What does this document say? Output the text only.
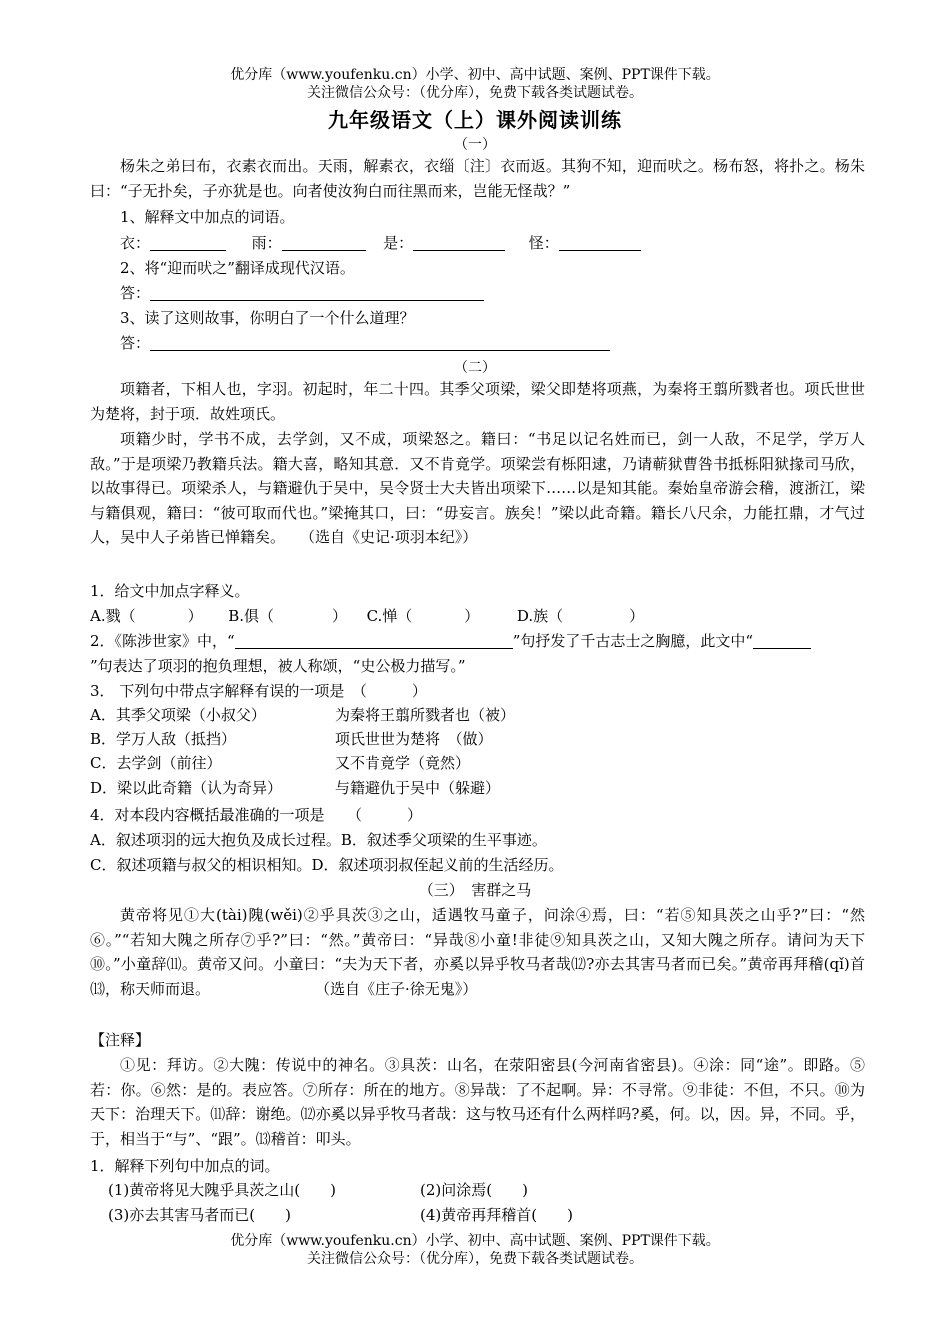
优分库（www.youfenku.cn）小学、初中、高中试题、案例、PPT课件下载。
关注微信公众号：（优分库），免费下载各类试题试卷。
九年级语文（上）课外阅读训练
（一）
杨朱之弟曰布，衣素衣而出。天雨，解素衣，衣缁〔注〕衣而返。其狗不知，迎而吠之。杨布怒，将扑之。杨朱曰：“子无扑矣，子亦犹是也。向者使汝狗白而往黑而来，岂能无怪哉？”
1、解释文中加点的词语。
衣：	雨：	是：	怪：
2、将“迎而吠之”翻译成现代汉语。
答：
3、读了这则故事，你明白了一个什么道理？
答：
（二）
项籍者，下相人也，字羽。初起时，年二十四。其季父项梁，梁父即楚将项燕，为秦将王翦所戮者也。项氏世世为楚将，封于项．故姓项氏。
项籍少时，学书不成，去学剑，又不成，项梁怒之。籍曰：“书足以记名姓而已，剑一人敌，不足学，学万人敌。”于是项梁乃教籍兵法。籍大喜，略知其意．又不肯竟学。项梁尝有栎阳逮，乃请蕲狱曹咎书抵栎阳狱掾司马欣，以故事得已。项梁杀人，与籍避仇于吴中，吴令贤士大夫皆出项梁下……以是知其能。秦始皇帝游会稽，渡浙江，梁与籍俱观，籍曰：“彼可取而代也。”梁掩其口，曰：“毋妄言。族矣！”梁以此奇籍。籍长八尺余，力能扛鼎，才气过人，吴中人子弟皆已惮籍矣。　　（选自《史记·项羽本纪》）
1．给文中加点字释义。
A.戮（	） B.俱（	） C.惮（	）	D.族（	）
2．《陈涉世家》中，“	”句抒发了千古志士之胸臆，此文中“
”句表达了项羽的抱负理想，被人称颂，“史公极力描写。”
3． 下列句中带点字解释有误的一项是　（　　　）
A．其季父项梁（小叔父）	为秦将王翦所戮者也（被）
B．学万人敌（抵挡）	项氏世世为楚将　（做）
C．去学剑（前往）	又不肯竟学（竟然）
D．梁以此奇籍（认为奇异）	与籍避仇于吴中（躲避）
4．对本段内容概括最准确的一项是　　（　　　）
A．叙述项羽的远大抱负及成长过程。B．叙述季父项梁的生平事迹。
C．叙述项籍与叔父的相识相知。D．叙述项羽叔侄起义前的生活经历。
（三）　害群之马
黄帝将见①大(tài)隗(wěi)②乎具茨③之山，适遇牧马童子，问涂④焉，曰：“若⑤知具茨之山乎?”曰：“然⑥。”“若知大隗之所存⑦乎?”曰：“然。”黄帝曰：“异哉⑧小童!非徒⑨知具茨之山，又知大隗之所存。请问为天下⑩。”小童辞⑾。黄帝又问。小童曰：“夫为天下者，亦奚以异乎牧马者哉⑿?亦去其害马者而已矣。”黄帝再拜稽(qǐ)首⒀，称天师而退。　　　　　　　　（选自《庄子·徐无鬼》）
【注释】
①见：拜访。②大隗：传说中的神名。③具茨：山名，在荥阳密县(今河南省密县)。④涂：同“途”。即路。⑤若：你。⑥然：是的。表应答。⑦所存：所在的地方。⑧异哉：了不起啊。异：不寻常。⑨非徒：不但，不只。⑩为天下：治理天下。⑾辞：谢绝。⑿亦奚以异乎牧马者哉：这与牧马还有什么两样吗?奚，何。以，因。异，不同。乎，于，相当于“与”、“跟”。⒀稽首：叩头。
1．解释下列句中加点的词。
(1)黄帝将见大隗乎具茨之山(　　)	(2)问涂焉(　　)
(3)亦去其害马者而已(　　)	(4)黄帝再拜稽首(　　)
优分库（www.youfenku.cn）小学、初中、高中试题、案例、PPT课件下载。
关注微信公众号：（优分库），免费下载各类试题试卷。
